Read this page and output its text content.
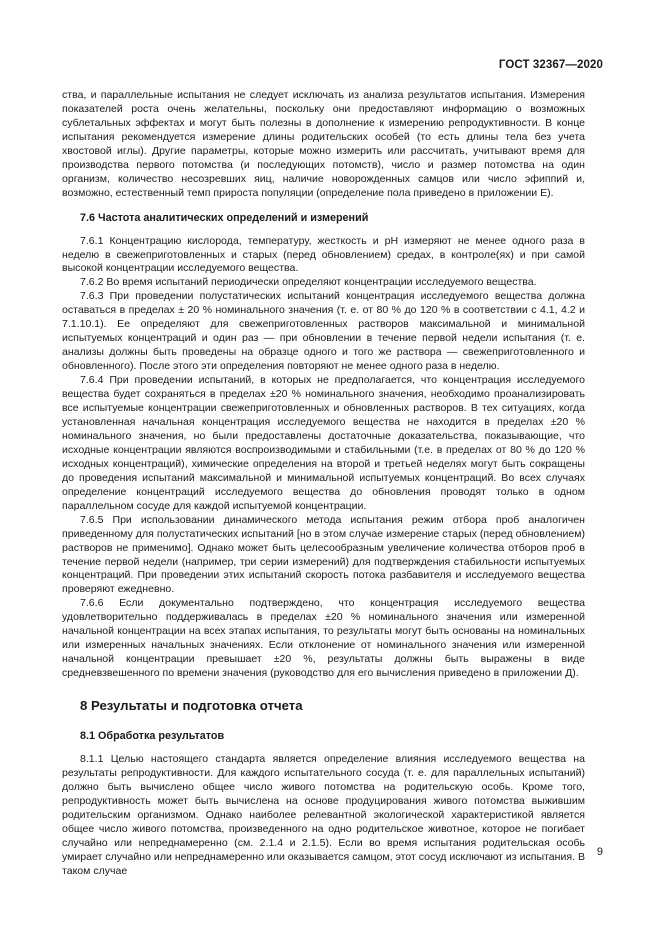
ГОСТ 32367—2020

ства, и параллельные испытания не следует исключать из анализа результатов испытания. Измерения показателей роста очень желательны, поскольку они предоставляют информацию о возможных сублетальных эффектах и могут быть полезны в дополнение к измерению репродуктивности. В конце испытания рекомендуется измерение длины родительских особей (то есть длины тела без учета хвостовой иглы). Другие параметры, которые можно измерить или рассчитать, учитывают время для производства первого потомства (и последующих потомств), число и размер потомства на один организм, количество несозревших яиц, наличие новорожденных самцов или число эфиппий и, возможно, естественный темп прироста популяции (определение пола приведено в приложении Е).

7.6 Частота аналитических определений и измерений

7.6.1 Концентрацию кислорода, температуру, жесткость и pH измеряют не менее одного раза в неделю в свежеприготовленных и старых (перед обновлением) средах, в контроле(ях) и при самой высокой концентрации исследуемого вещества.

7.6.2 Во время испытаний периодически определяют концентрации исследуемого вещества.

7.6.3 При проведении полустатических испытаний концентрация исследуемого вещества должна оставаться в пределах ± 20 % номинального значения (т. е. от 80 % до 120 % в соответствии с 4.1, 4.2 и 7.1.10.1). Ее определяют для свежеприготовленных растворов максимальной и минимальной испытуемых концентраций и один раз — при обновлении в течение первой недели испытания (т. е. анализы должны быть проведены на образце одного и того же раствора — свежеприготовленного и обновленного). После этого эти определения повторяют не менее одного раза в неделю.

7.6.4 При проведении испытаний, в которых не предполагается, что концентрация исследуемого вещества будет сохраняться в пределах ±20 % номинального значения, необходимо проанализировать все испытуемые концентрации свежеприготовленных и обновленных растворов. В тех ситуациях, когда установленная начальная концентрация исследуемого вещества не находится в пределах ±20 % номинального значения, но были предоставлены достаточные доказательства, показывающие, что исходные концентрации являются воспроизводимыми и стабильными (т.е. в пределах от 80 % до 120 % исходных концентраций), химические определения на второй и третьей неделях могут быть сокращены до проведения испытаний максимальной и минимальной испытуемых концентраций. Во всех случаях определение концентраций исследуемого вещества до обновления проводят только в одном параллельном сосуде для каждой испытуемой концентрации.

7.6.5 При использовании динамического метода испытания режим отбора проб аналогичен приведенному для полустатических испытаний [но в этом случае измерение старых (перед обновлением) растворов не применимо]. Однако может быть целесообразным увеличение количества отборов проб в течение первой недели (например, три серии измерений) для подтверждения стабильности испытуемых концентраций. При проведении этих испытаний скорость потока разбавителя и исследуемого вещества проверяют ежедневно.

7.6.6 Если документально подтверждено, что концентрация исследуемого вещества удовлетворительно поддерживалась в пределах ±20 % номинального значения или измеренной начальной концентрации на всех этапах испытания, то результаты могут быть основаны на номинальных или измеренных начальных значениях. Если отклонение от номинального значения или измеренной начальной концентрации превышает ±20 %, результаты должны быть выражены в виде средневзвешенного по времени значения (руководство для его вычисления приведено в приложении Д).

8 Результаты и подготовка отчета
8.1 Обработка результатов

8.1.1 Целью настоящего стандарта является определение влияния исследуемого вещества на результаты репродуктивности. Для каждого испытательного сосуда (т. е. для параллельных испытаний) должно быть вычислено общее число живого потомства на родительскую особь. Кроме того, репродуктивность может быть вычислена на основе продуцирования живого потомства выжившим родительским организмом. Однако наиболее релевантной экологической характеристикой является общее число живого потомства, произведенного на одно родительское животное, которое не погибает случайно или непреднамеренно (см. 2.1.4 и 2.1.5). Если во время испытания родительская особь умирает случайно или непреднамеренно или оказывается самцом, этот сосуд исключают из испытания. В таком случае

9
